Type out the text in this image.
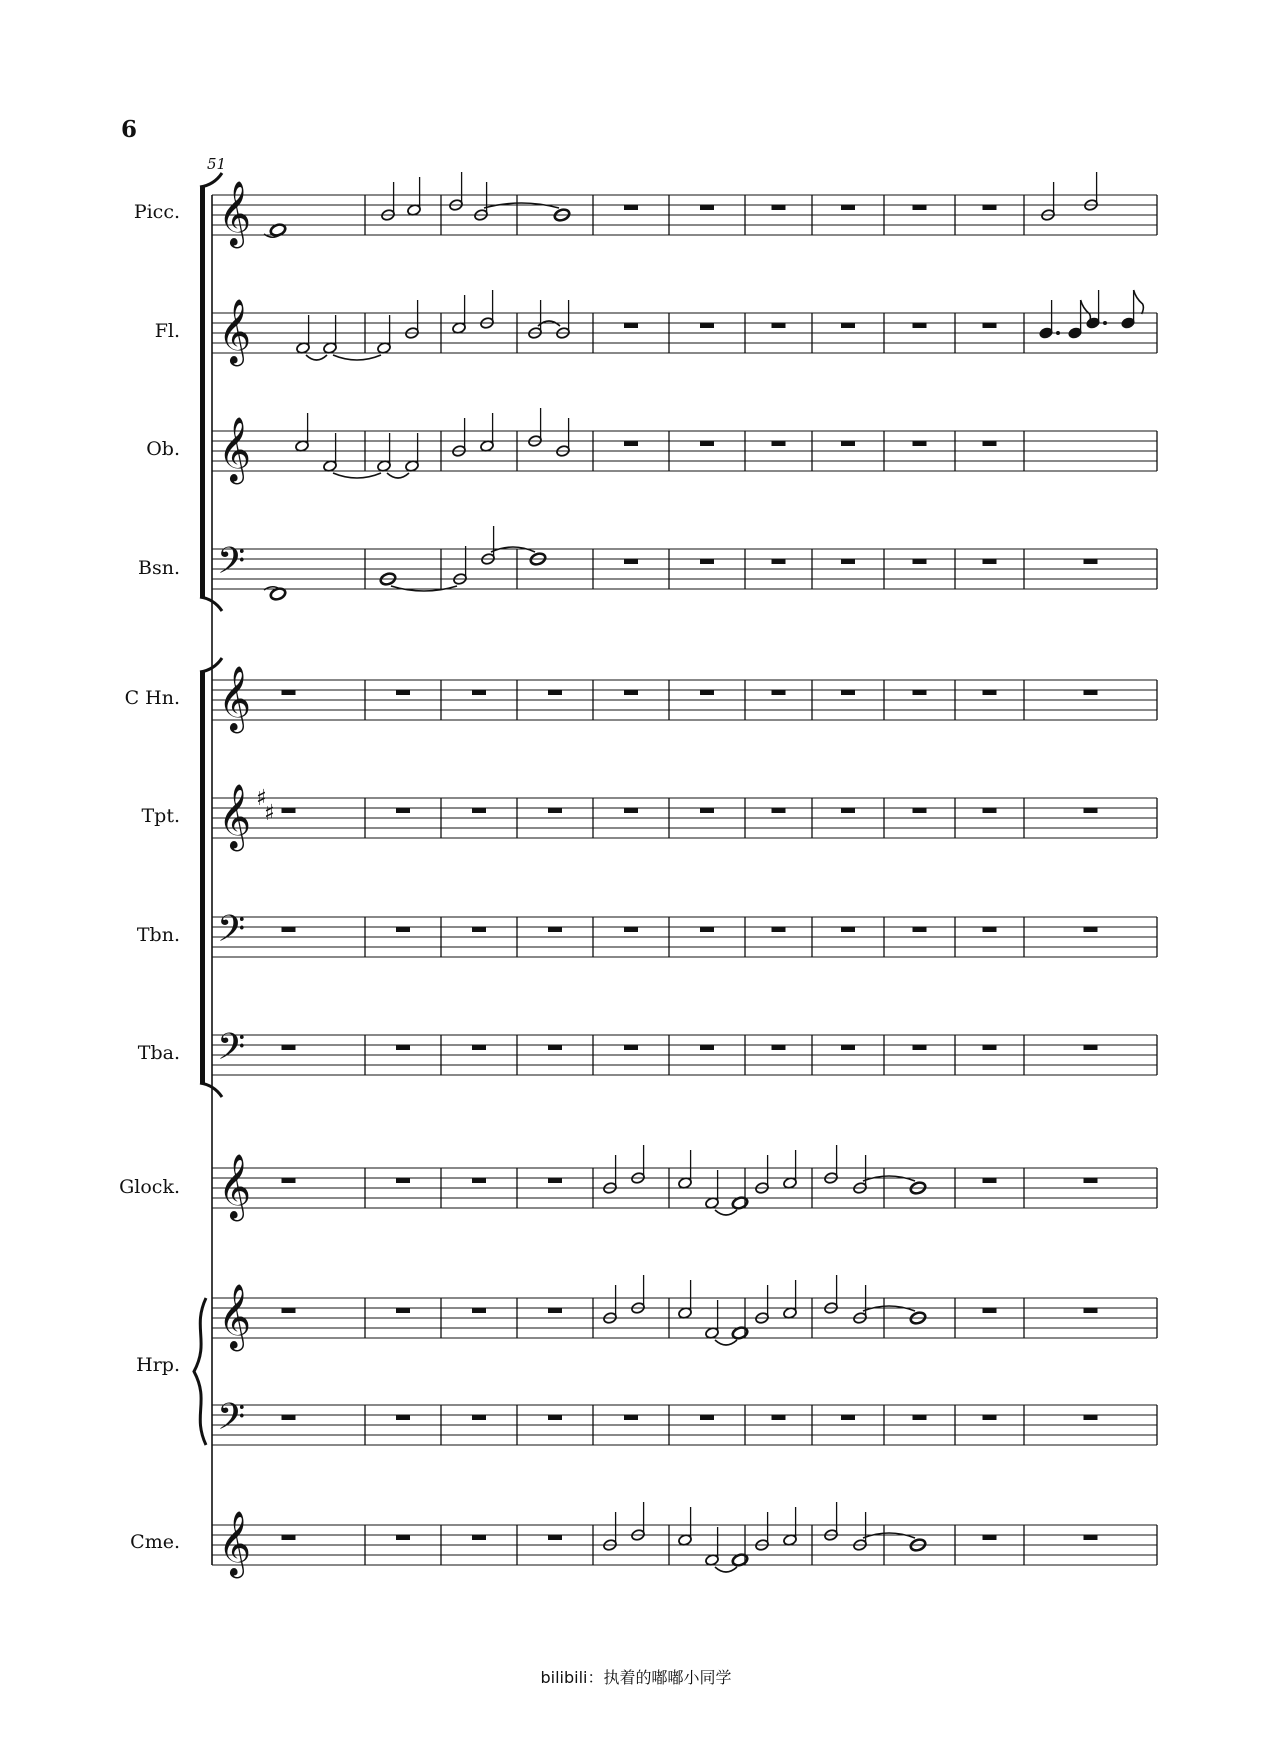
6
51
Picc.
Fl.
Ob.
Bsn.
C Hn.
Tpt.
Tbn.
Tba.
Glock.
Hrp.
Cme.
bilibili：执着的嘟嘟小同学
𝄞
𝄞
𝄞
𝄢
𝄞
𝄞 ♯
♯
𝄢
𝄢
𝄞
𝄞
𝄢
𝄞
